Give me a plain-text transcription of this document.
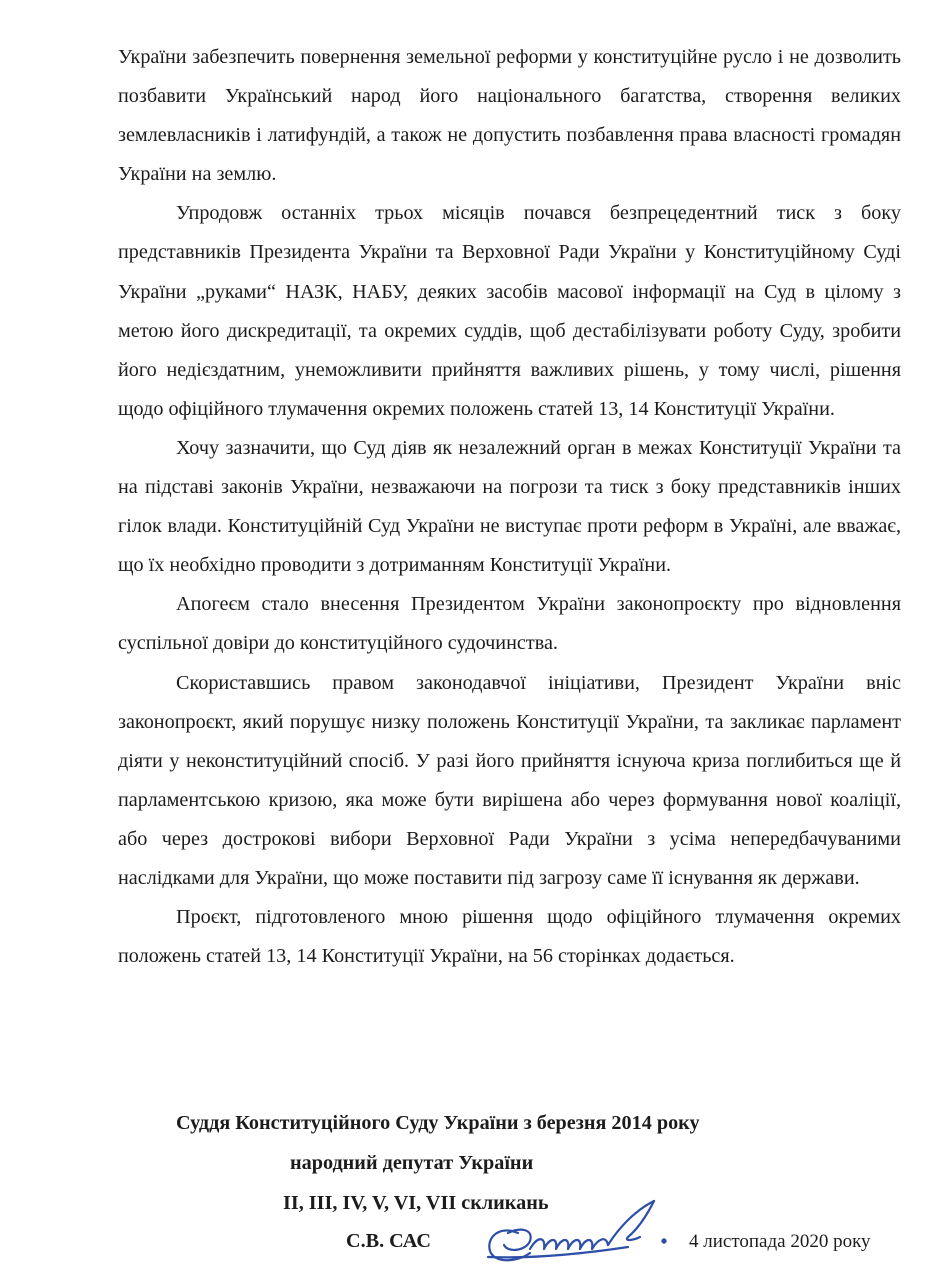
України забезпечить повернення земельної реформи у конституційне русло і не дозволить позбавити Український народ його національного багатства, створення великих землевласників і латифундій, а також не допустить позбавлення права власності громадян України на землю.

Упродовж останніх трьох місяців почався безпрецедентний тиск з боку представників Президента України та Верховної Ради України у Конституційному Суді України „руками“ НАЗК, НАБУ, деяких засобів масової інформації на Суд в цілому з метою його дискредитації, та окремих суддів, щоб дестабілізувати роботу Суду, зробити його недієздатним, унеможливити прийняття важливих рішень, у тому числі, рішення щодо офіційного тлумачення окремих положень статей 13, 14 Конституції України.

Хочу зазначити, що Суд діяв як незалежний орган в межах Конституції України та на підставі законів України, незважаючи на погрози та тиск з боку представників інших гілок влади. Конституційній Суд України не виступає проти реформ в Україні, але вважає, що їх необхідно проводити з дотриманням Конституції України.

Апогеєм стало внесення Президентом України законопроєкту про відновлення суспільної довіри до конституційного судочинства.

Скориставшись правом законодавчої ініціативи, Президент України вніс законопроєкт, який порушує низку положень Конституції України, та закликає парламент діяти у неконституційний спосіб. У разі його прийняття існуюча криза поглибиться ще й парламентською кризою, яка може бути вирішена або через формування нової коаліції, або через дострокові вибори Верховної Ради України з усіма непередбачуваними наслідками для України, що може поставити під загрозу саме її існування як держави.

Проєкт, підготовленого мною рішення щодо офіційного тлумачення окремих положень статей 13, 14 Конституції України, на 56 сторінках додається.

Суддя Конституційного Суду України з березня 2014 року
народний депутат України
II, III, IV, V, VI, VII скликань
С.В. САС	4 листопада 2020 року
